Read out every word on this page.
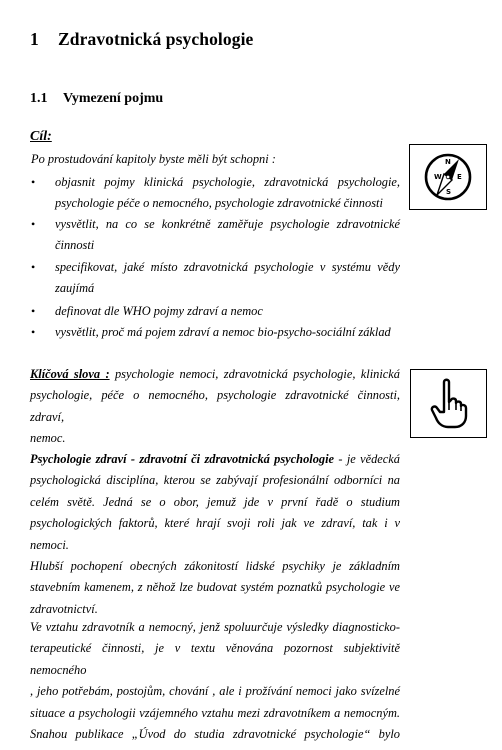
1 Zdravotnická psychologie
1.1 Vymezení pojmu
Cíl:
Po prostudování kapitoly byste měli být schopni :	N
W E
S
• objasnit pojmy klinická psychologie, zdravotnická psychologie,
psychologie péče o nemocného, psychologie zdravotnické činnosti
• vysvětlit, na co se konkrétně zaměřuje psychologie zdravotnické
činnosti
• specifikovat, jaké místo zdravotnická psychologie v systému vědy
zaujímá
• definovat dle WHO pojmy zdraví a nemoc
• vysvětlit, proč má pojem zdraví a nemoc bio-psycho-sociální základ
Klíčová slova : psychologie nemoci, zdravotnická psychologie, klinická
psychologie, péče o nemocného, psychologie zdravotnické činnosti, zdraví,
nemoc.
Psychologie zdraví - zdravotní či zdravotnická psychologie - je vědecká
psychologická disciplína, kterou se zabývají profesionální odborníci na
celém světě. Jedná se o obor, jemuž jde v první řadě o studium
psychologických faktorů, které hrají svoji roli jak ve zdraví, tak i v nemoci.
Hlubší pochopení obecných zákonitostí lidské psychiky je základním
stavebním kamenem, z něhož lze budovat systém poznatků psychologie ve
zdravotnictví.
Ve vztahu zdravotník a nemocný, jenž spoluurčuje výsledky diagnosticko-
terapeutické činnosti, je v textu věnována pozornost subjektivitě nemocného
, jeho potřebám, postojům, chování , ale i prožívání nemoci jako svízelné
situace a psychologii vzájemného vztahu mezi zdravotníkem a nemocným.
Snahou publikace „Úvod do studia zdravotnické psychologie“ bylo
